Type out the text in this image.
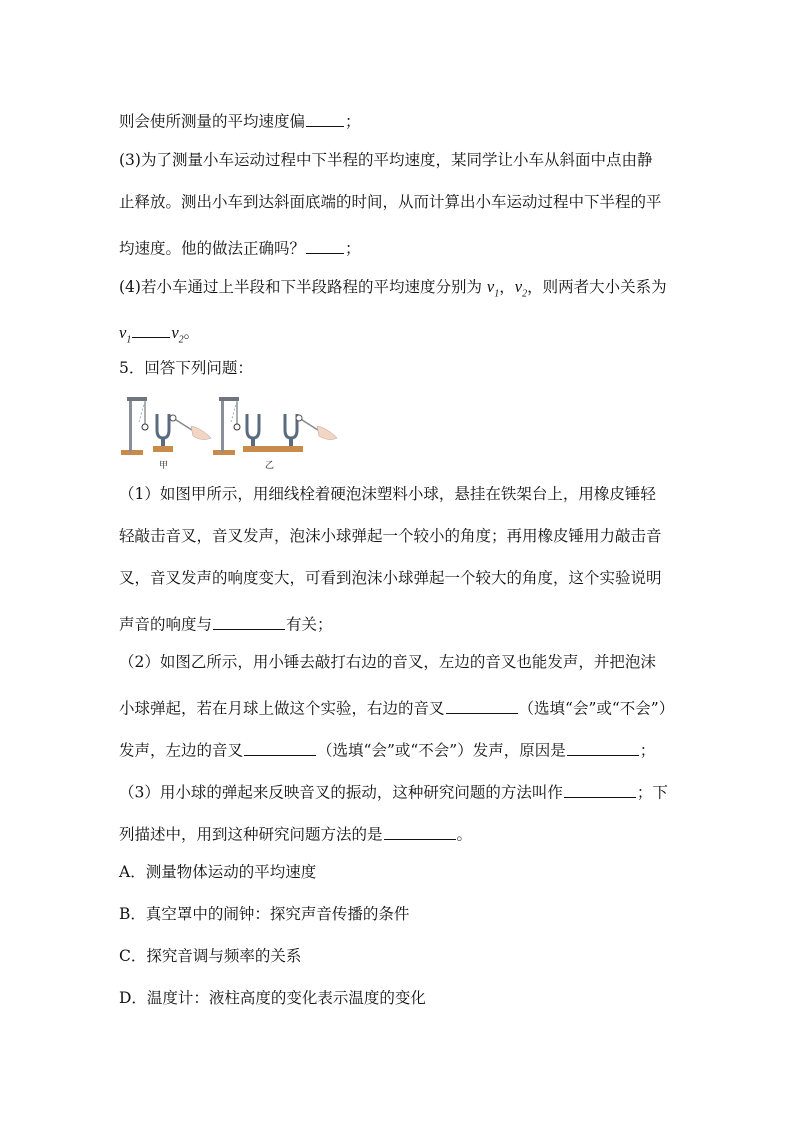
则会使所测量的平均速度偏	；
(3)为了测量小车运动过程中下半程的平均速度，某同学让小车从斜面中点由静
止释放。测出小车到达斜面底端的时间，从而计算出小车运动过程中下半程的平
均速度。他的做法正确吗？	；
(4)若小车通过上半段和下半段路程的平均速度分别为 $v_1$，$v_2$，则两者大小关系为
$v_1$ $v_2$。
5．回答下列问题：
甲	乙
（1）如图甲所示，用细线栓着硬泡沫塑料小球，悬挂在铁架台上，用橡皮锤轻
轻敲击音叉，音叉发声，泡沫小球弹起一个较小的角度；再用橡皮锤用力敲击音
叉，音叉发声的响度变大，可看到泡沫小球弹起一个较大的角度，这个实验说明
声音的响度与	有关；
（2）如图乙所示，用小锤去敲打右边的音叉，左边的音叉也能发声，并把泡沫
小球弹起，若在月球上做这个实验，右边的音叉	（选填“会”或“不会”）
发声，左边的音叉	（选填“会”或“不会”）发声，原因是	；
（3）用小球的弹起来反映音叉的振动，这种研究问题的方法叫作	；下
列描述中，用到这种研究问题方法的是	。
A．测量物体运动的平均速度
B．真空罩中的闹钟：探究声音传播的条件
C．探究音调与频率的关系
D．温度计：液柱高度的变化表示温度的变化
